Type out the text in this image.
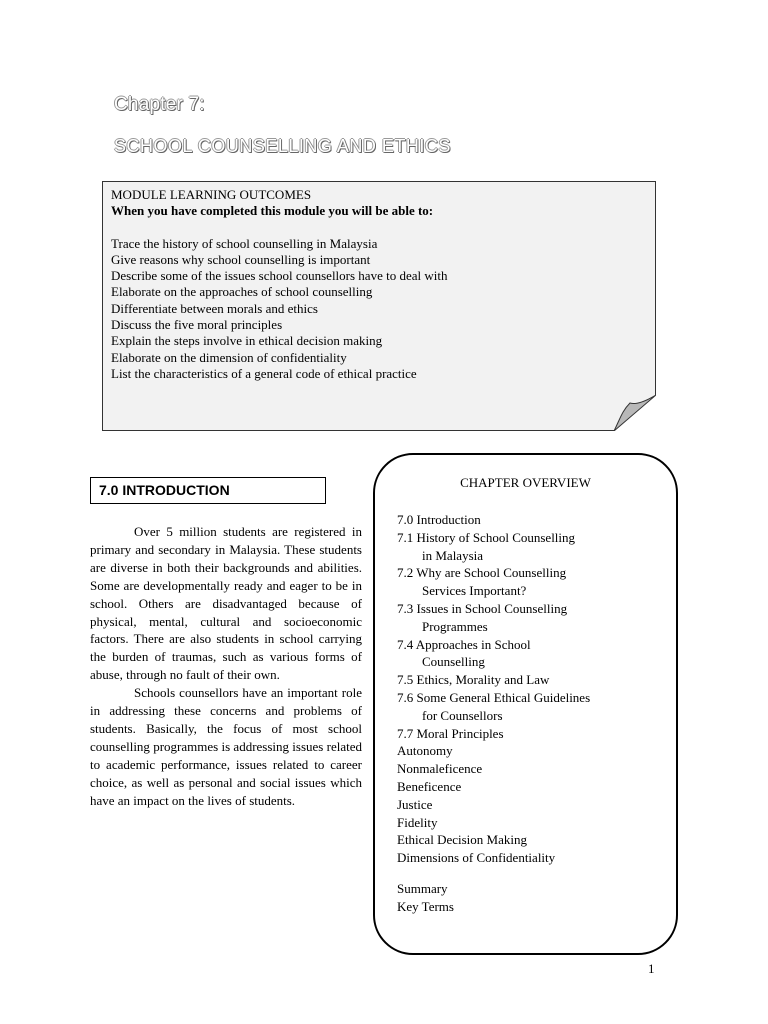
Chapter 7:
SCHOOL COUNSELLING AND ETHICS
MODULE LEARNING OUTCOMES
When you have completed this module you will be able to:
Trace the history of school counselling in Malaysia
Give reasons why school counselling is important
Describe some of the issues school counsellors have to deal with
Elaborate on the approaches of school counselling
Differentiate between morals and ethics
Discuss the five moral principles
Explain the steps involve in ethical decision making
Elaborate on the dimension of confidentiality
List the characteristics of a general code of ethical practice
7.0 INTRODUCTION

Over 5 million students are registered in primary and secondary in Malaysia. These students are diverse in both their backgrounds and abilities. Some are developmentally ready and eager to be in school. Others are disadvantaged because of physical, mental, cultural and socioeconomic factors. There are also students in school carrying the burden of traumas, such as various forms of abuse, through no fault of their own.

Schools counsellors have an important role in addressing these concerns and problems of students. Basically, the focus of most school counselling programmes is addressing issues related to academic performance, issues related to career choice, as well as personal and social issues which have an impact on the lives of students.

CHAPTER OVERVIEW
7.0 Introduction
7.1 History of School Counselling
in Malaysia
7.2 Why are School Counselling
Services Important?
7.3 Issues in School Counselling
Programmes
7.4 Approaches in School
Counselling
7.5 Ethics, Morality and Law
7.6 Some General Ethical Guidelines
for Counsellors
7.7 Moral Principles
Autonomy
Nonmaleficence
Beneficence
Justice
Fidelity
Ethical Decision Making
Dimensions of Confidentiality
Summary
Key Terms
1
